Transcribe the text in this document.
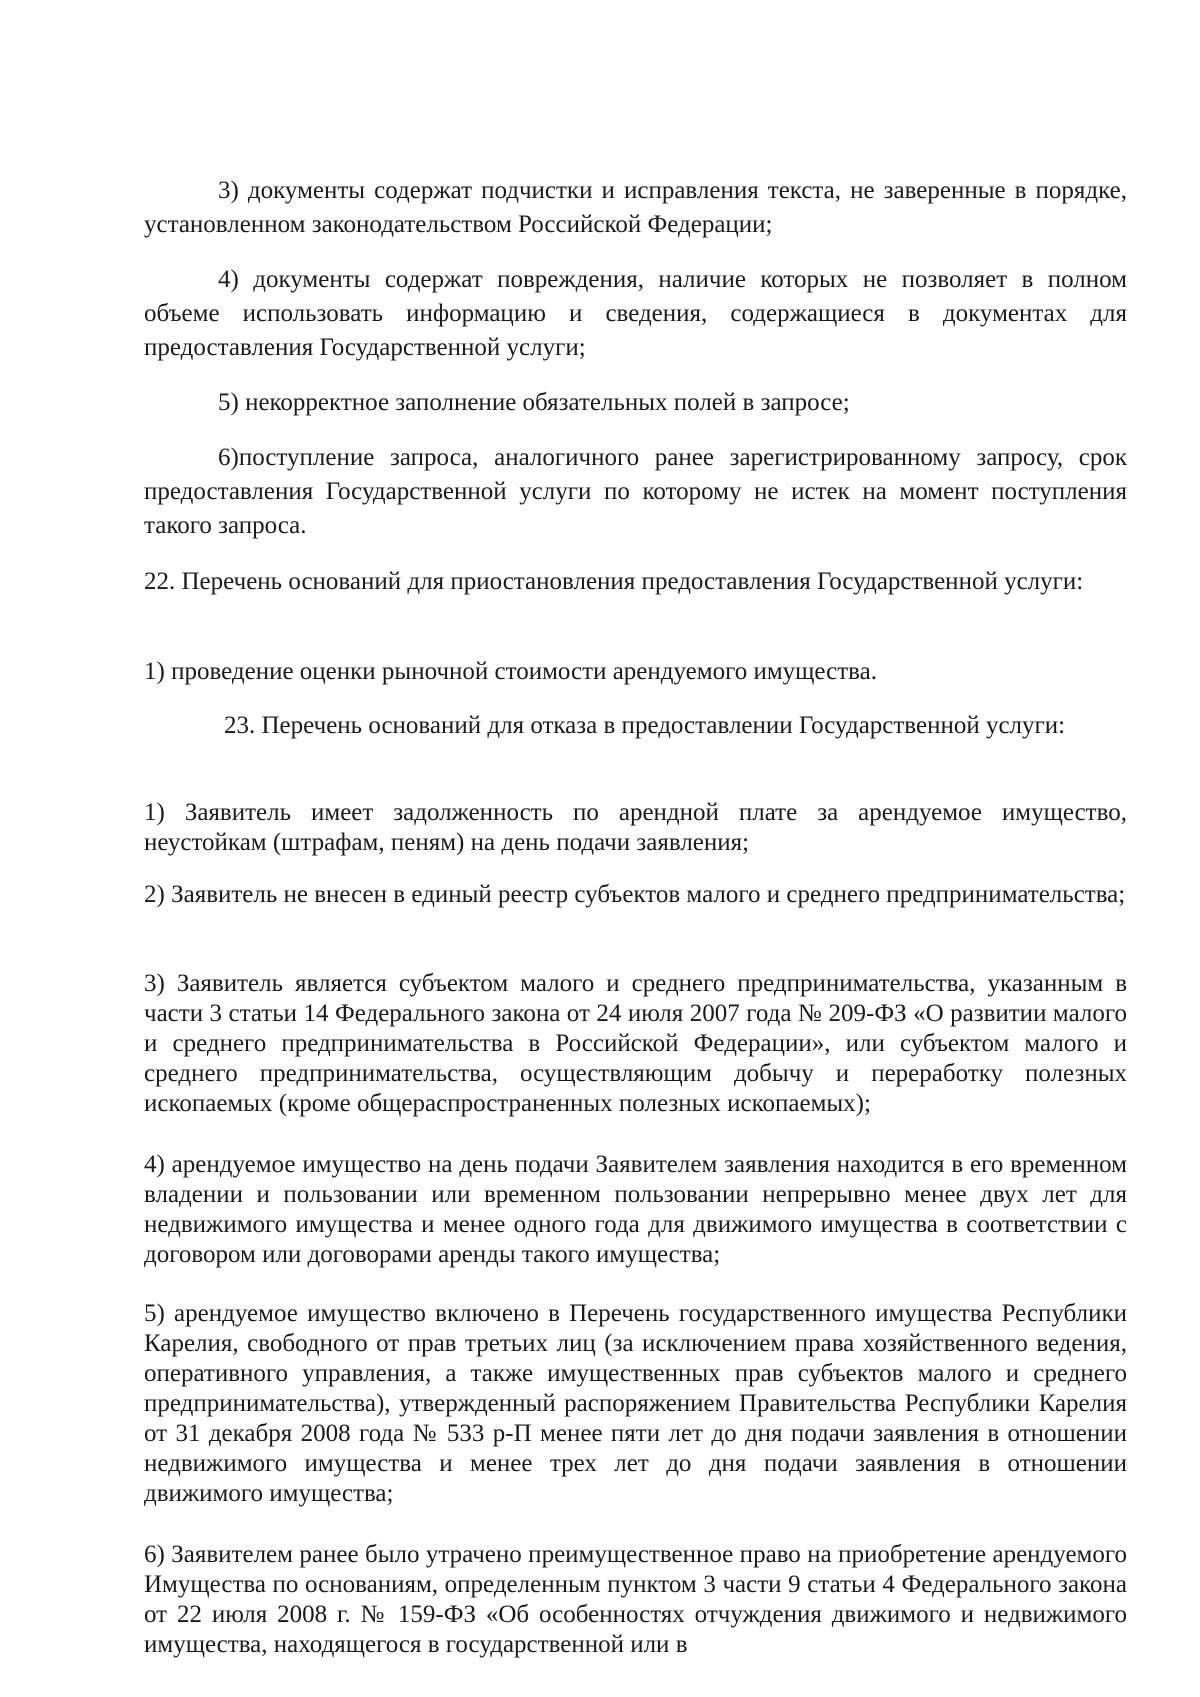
3) документы содержат подчистки и исправления текста, не заверенные в порядке, установленном законодательством Российской Федерации;

4) документы содержат повреждения, наличие которых не позволяет в полном объеме использовать информацию и сведения, содержащиеся в документах для предоставления Государственной услуги;

5) некорректное заполнение обязательных полей в запросе;

6)поступление запроса, аналогичного ранее зарегистрированному запросу, срок предоставления Государственной услуги по которому не истек на момент поступления такого запроса.

22. Перечень оснований для приостановления предоставления Государственной услуги:

1) проведение оценки рыночной стоимости арендуемого имущества.

23. Перечень оснований для отказа в предоставлении Государственной услуги:

1) Заявитель имеет задолженность по арендной плате за арендуемое имущество, неустойкам (штрафам, пеням) на день подачи заявления;

2) Заявитель не внесен в единый реестр субъектов малого и среднего предпринимательства;

3) Заявитель является субъектом малого и среднего предпринимательства, указанным в части 3 статьи 14 Федерального закона от 24 июля 2007 года № 209-ФЗ «О развитии малого и среднего предпринимательства в Российской Федерации», или субъектом малого и среднего предпринимательства, осуществляющим добычу и переработку полезных ископаемых (кроме общераспространенных полезных ископаемых);

4) арендуемое имущество на день подачи Заявителем заявления находится в его временном владении и пользовании или временном пользовании непрерывно менее двух лет для недвижимого имущества и менее одного года для движимого имущества в соответствии с договором или договорами аренды такого имущества;

5) арендуемое имущество включено в Перечень государственного имущества Республики Карелия, свободного от прав третьих лиц (за исключением права хозяйственного ведения, оперативного управления, а также имущественных прав субъектов малого и среднего предпринимательства), утвержденный распоряжением Правительства Республики Карелия от 31 декабря 2008 года № 533 р-П менее пяти лет до дня подачи заявления в отношении недвижимого имущества и менее трех лет до дня подачи заявления в отношении движимого имущества;

6) Заявителем ранее было утрачено преимущественное право на приобретение арендуемого Имущества по основаниям, определенным пунктом 3 части 9 статьи 4 Федерального закона от 22 июля 2008 г. № 159-ФЗ «Об особенностях отчуждения движимого и недвижимого имущества, находящегося в государственной или в
